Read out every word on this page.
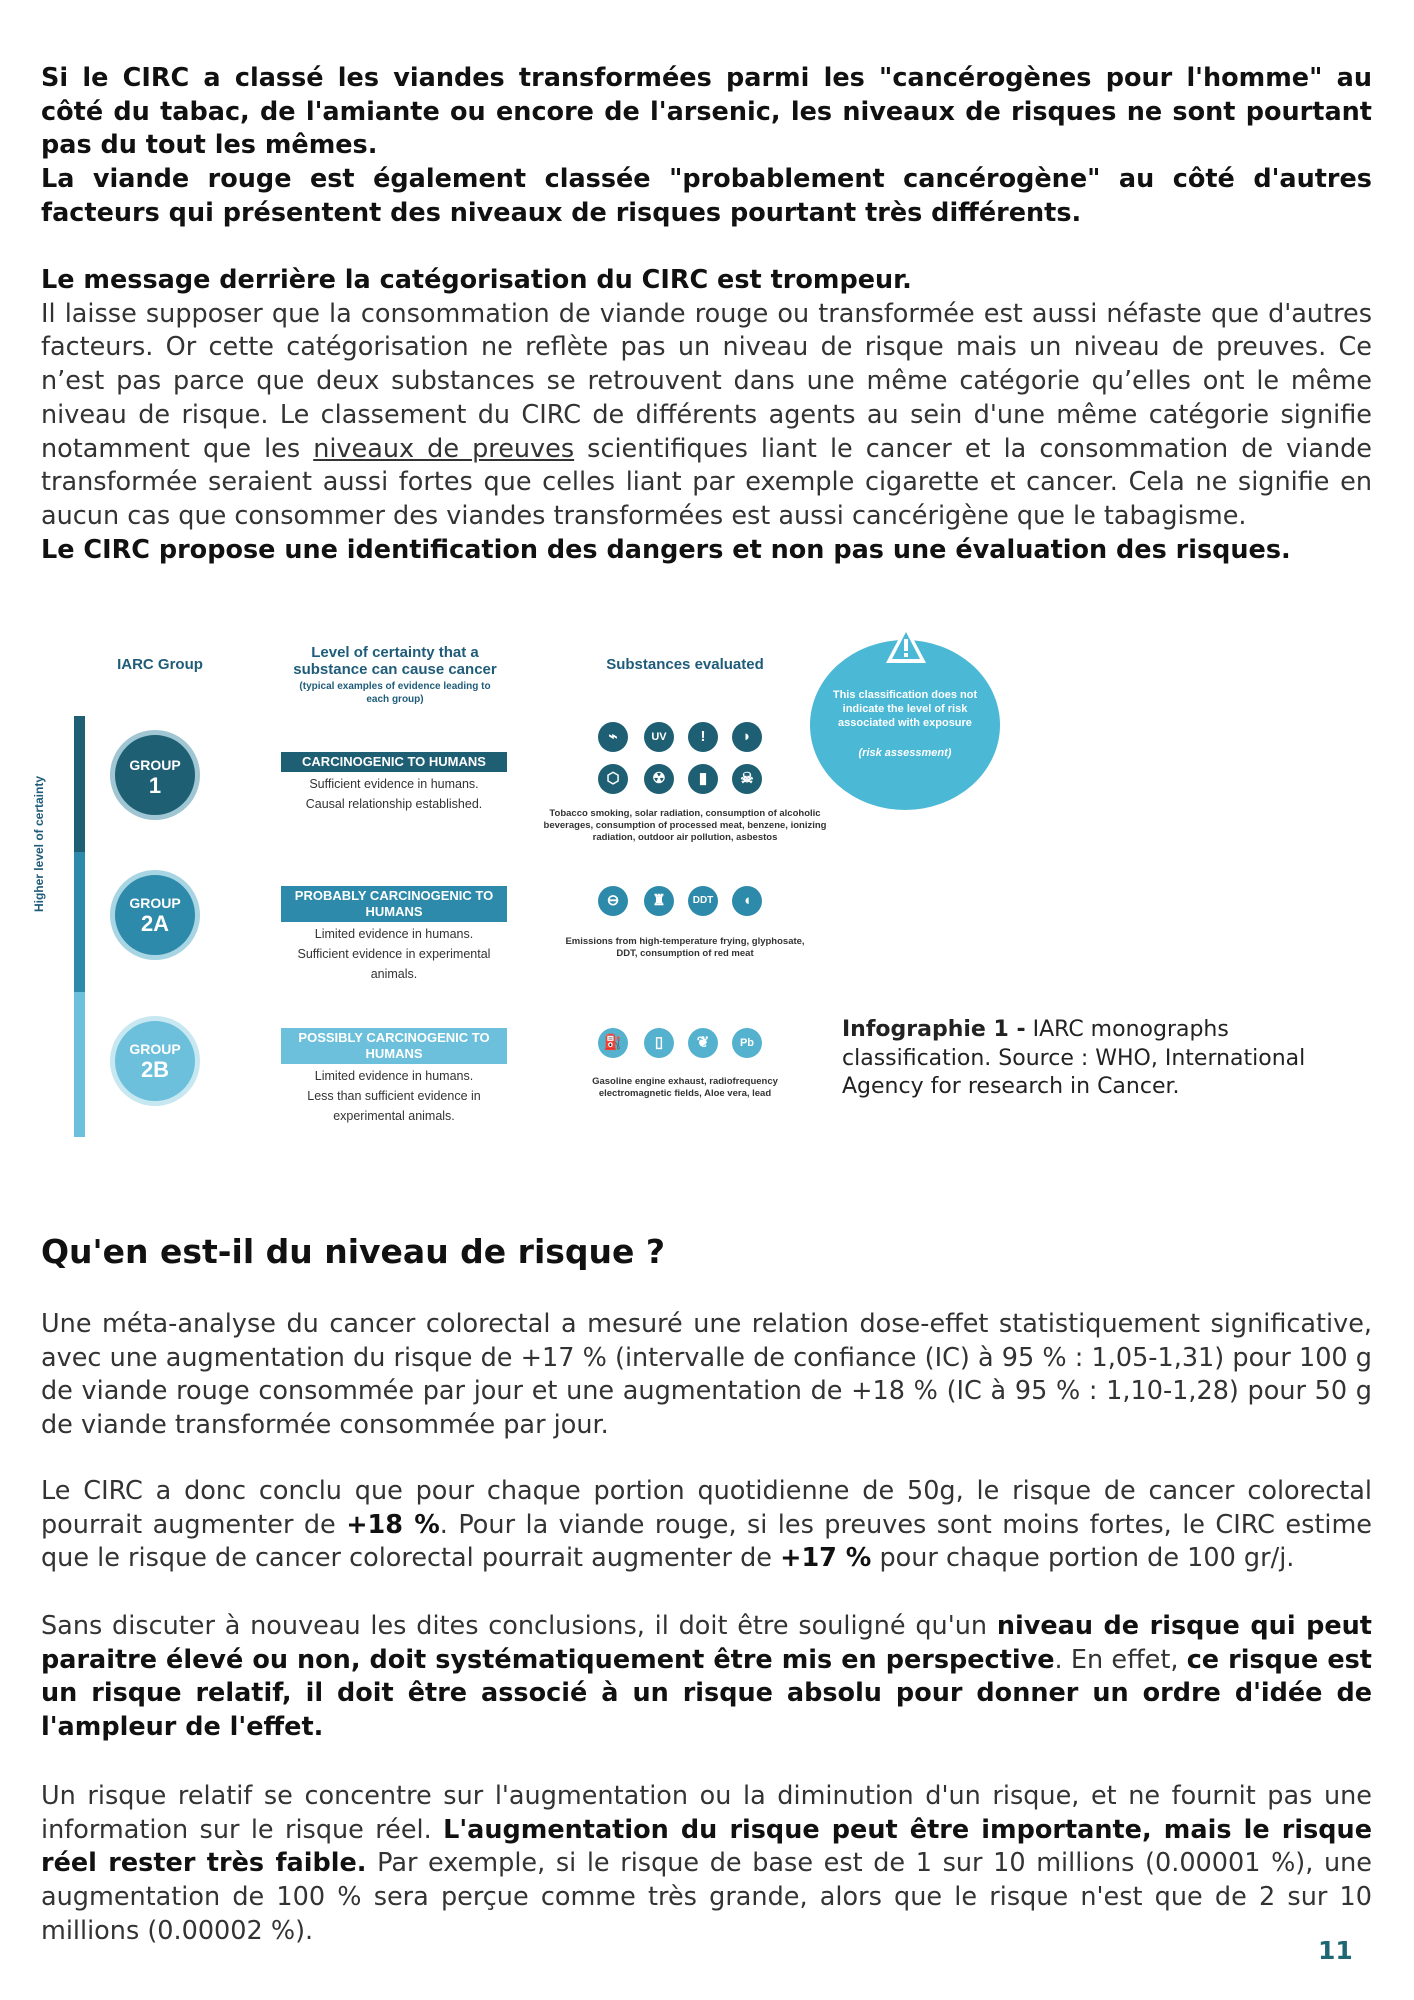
Si le CIRC a classé les viandes transformées parmi les "cancérogènes pour l'homme" au côté du tabac, de l'amiante ou encore de l'arsenic, les niveaux de risques ne sont pourtant pas du tout les mêmes.

La viande rouge est également classée "probablement cancérogène" au côté d'autres facteurs qui présentent des niveaux de risques pourtant très différents.

Le message derrière la catégorisation du CIRC est trompeur.

Il laisse supposer que la consommation de viande rouge ou transformée est aussi néfaste que d'autres facteurs. Or cette catégorisation ne reflète pas un niveau de risque mais un niveau de preuves. Ce n’est pas parce que deux substances se retrouvent dans une même catégorie qu’elles ont le même niveau de risque. Le classement du CIRC de différents agents au sein d'une même catégorie signifie notamment que les niveaux de preuves scientifiques liant le cancer et la consommation de viande transformée seraient aussi fortes que celles liant par exemple cigarette et cancer. Cela ne signifie en aucun cas que consommer des viandes transformées est aussi cancérigène que le tabagisme.

Le CIRC propose une identification des dangers et non pas une évaluation des risques.

IARC Group
Level of certainty that a substance can cause cancer
(typical examples of evidence leading to each group)
Substances evaluated
Higher level of certainty
GROUP
1
CARCINOGENIC TO HUMANS
Sufficient evidence in humans.
Causal relationship established.
⌁	UV	!	◗
⬡	☢	▮	☠
Tobacco smoking, solar radiation, consumption of alcoholic beverages, consumption of processed meat, benzene, ionizing radiation, outdoor air pollution, asbestos
GROUP
2A
PROBABLY CARCINOGENIC TO HUMANS
Limited evidence in humans.
Sufficient evidence in experimental animals.
⊖	♜	DDT	◖
Emissions from high-temperature frying, glyphosate, DDT, consumption of red meat
GROUP
2B
POSSIBLY CARCINOGENIC TO HUMANS
Limited evidence in humans.
Less than sufficient evidence in experimental animals.
⛽	▯	❦	Pb
Gasoline engine exhaust, radiofrequency electromagnetic fields, Aloe vera, lead
This classification does not indicate the level of risk associated with exposure
(risk assessment)
Infographie 1 - IARC monographs classification. Source : WHO, International Agency for research in Cancer.
Qu'en est-il du niveau de risque ?
Une méta-analyse du cancer colorectal a mesuré une relation dose-effet statistiquement significative, avec une augmentation du risque de +17 % (intervalle de confiance (IC) à 95 % : 1,05-1,31) pour 100 g de viande rouge consommée par jour et une augmentation de +18 % (IC à 95 % : 1,10-1,28) pour 50 g de viande transformée consommée par jour.
Le CIRC a donc conclu que pour chaque portion quotidienne de 50g, le risque de cancer colorectal pourrait augmenter de +18 %. Pour la viande rouge, si les preuves sont moins fortes, le CIRC estime que le risque de cancer colorectal pourrait augmenter de +17 % pour chaque portion de 100 gr/j.
Sans discuter à nouveau les dites conclusions, il doit être souligné qu'un niveau de risque qui peut paraitre élevé ou non, doit systématiquement être mis en perspective. En effet, ce risque est un risque relatif, il doit être associé à un risque absolu pour donner un ordre d'idée de l'ampleur de l'effet.
Un risque relatif se concentre sur l'augmentation ou la diminution d'un risque, et ne fournit pas une information sur le risque réel. L'augmentation du risque peut être importante, mais le risque réel rester très faible. Par exemple, si le risque de base est de 1 sur 10 millions (0.00001 %), une augmentation de 100 % sera perçue comme très grande, alors que le risque n'est que de 2 sur 10 millions (0.00002 %).
11
